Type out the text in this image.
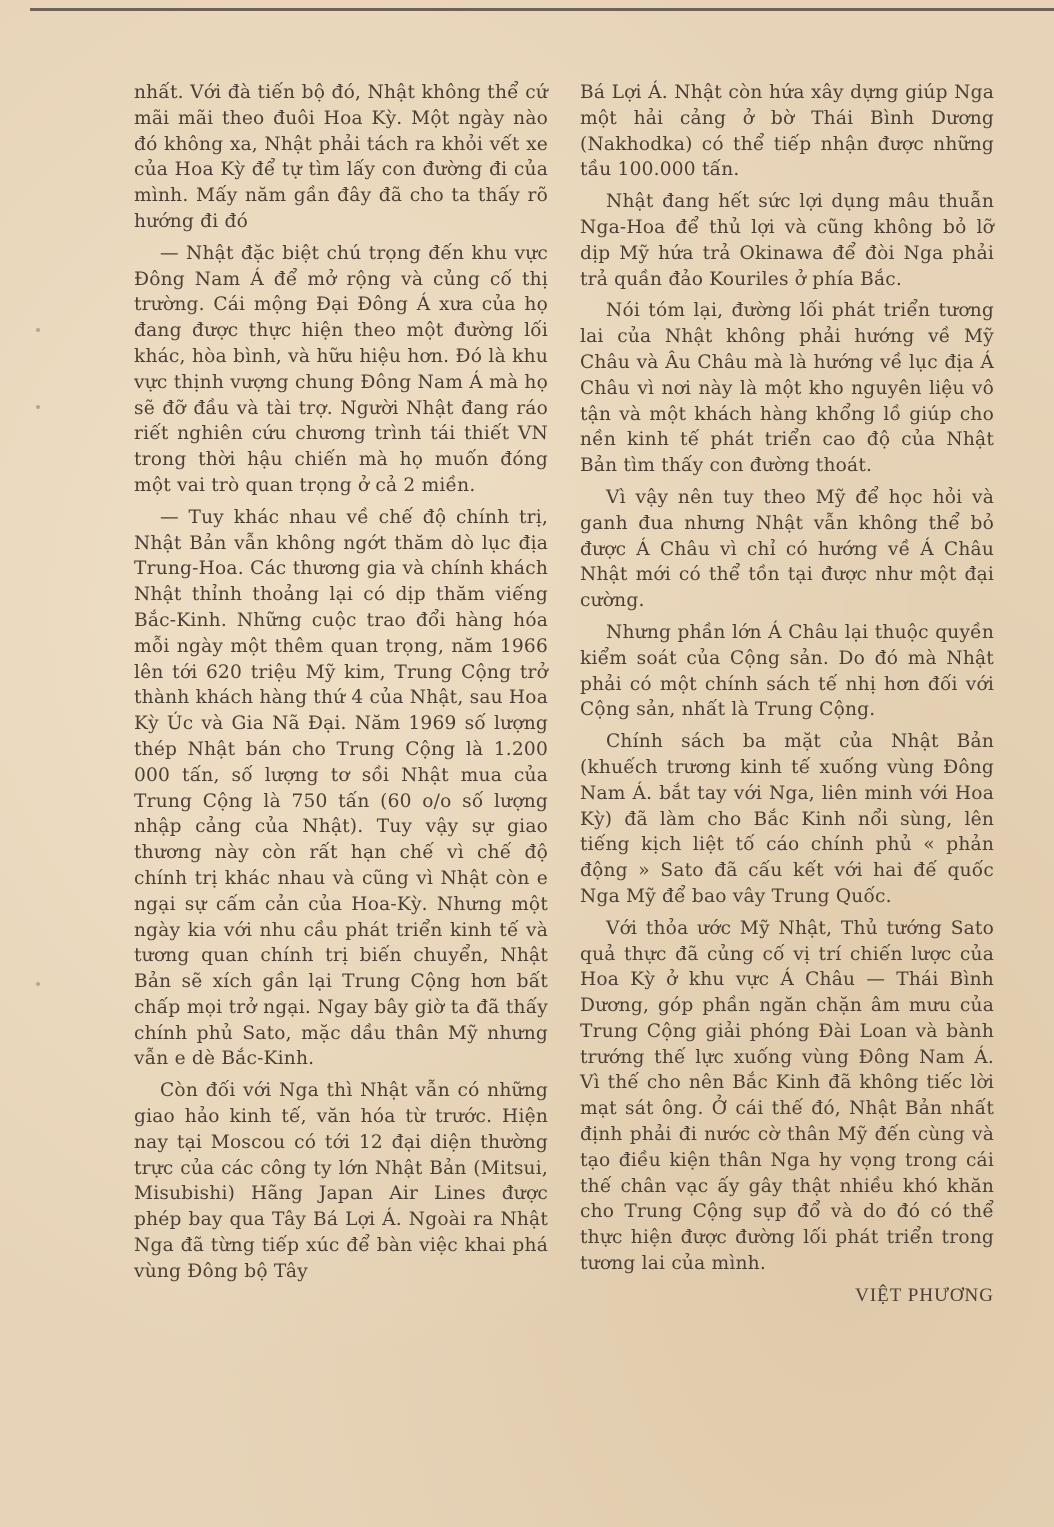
nhất. Với đà tiến bộ đó, Nhật không thể cứ mãi mãi theo đuôi Hoa Kỳ. Một ngày nào đó không xa, Nhật phải tách ra khỏi vết xe của Hoa Kỳ để tự tìm lấy con đường đi của mình. Mấy năm gần đây đã cho ta thấy rõ hướng đi đó

— Nhật đặc biệt chú trọng đến khu vực Đông Nam Á để mở rộng và củng cố thị trường. Cái mộng Đại Đông Á xưa của họ đang được thực hiện theo một đường lối khác, hòa bình, và hữu hiệu hơn. Đó là khu vực thịnh vượng chung Đông Nam Á mà họ sẽ đỡ đầu và tài trợ. Người Nhật đang ráo riết nghiên cứu chương trình tái thiết VN trong thời hậu chiến mà họ muốn đóng một vai trò quan trọng ở cả 2 miền.

— Tuy khác nhau về chế độ chính trị, Nhật Bản vẫn không ngớt thăm dò lục địa Trung-Hoa. Các thương gia và chính khách Nhật thỉnh thoảng lại có dịp thăm viếng Bắc-Kinh. Những cuộc trao đổi hàng hóa mỗi ngày một thêm quan trọng, năm 1966 lên tới 620 triệu Mỹ kim, Trung Cộng trở thành khách hàng thứ 4 của Nhật, sau Hoa Kỳ Úc và Gia Nã Đại. Năm 1969 số lượng thép Nhật bán cho Trung Cộng là 1.200 000 tấn, số lượng tơ sồi Nhật mua của Trung Cộng là 750 tấn (60 o/o số lượng nhập cảng của Nhật). Tuy vậy sự giao thương này còn rất hạn chế vì chế độ chính trị khác nhau và cũng vì Nhật còn e ngại sự cấm cản của Hoa-Kỳ. Nhưng một ngày kia với nhu cầu phát triển kinh tế và tương quan chính trị biến chuyển, Nhật Bản sẽ xích gần lại Trung Cộng hơn bất chấp mọi trở ngại. Ngay bây giờ ta đã thấy chính phủ Sato, mặc dầu thân Mỹ nhưng vẫn e dè Bắc-Kinh.

Còn đối với Nga thì Nhật vẫn có những giao hảo kinh tế, văn hóa từ trước. Hiện nay tại Moscou có tới 12 đại diện thường trực của các công ty lớn Nhật Bản (Mitsui, Misubishi) Hãng Japan Air Lines được phép bay qua Tây Bá Lợi Á. Ngoài ra Nhật Nga đã từng tiếp xúc để bàn việc khai phá vùng Đông bộ Tây

Bá Lợi Á. Nhật còn hứa xây dựng giúp Nga một hải cảng ở bờ Thái Bình Dương (Nakhodka) có thể tiếp nhận được những tầu 100.000 tấn.

Nhật đang hết sức lợi dụng mâu thuẫn Nga-Hoa để thủ lợi và cũng không bỏ lỡ dịp Mỹ hứa trả Okinawa để đòi Nga phải trả quần đảo Kouriles ở phía Bắc.

Nói tóm lại, đường lối phát triển tương lai của Nhật không phải hướng về Mỹ Châu và Âu Châu mà là hướng về lục địa Á Châu vì nơi này là một kho nguyên liệu vô tận và một khách hàng khổng lồ giúp cho nền kinh tế phát triển cao độ của Nhật Bản tìm thấy con đường thoát.

Vì vậy nên tuy theo Mỹ để học hỏi và ganh đua nhưng Nhật vẫn không thể bỏ được Á Châu vì chỉ có hướng về Á Châu Nhật mới có thể tồn tại được như một đại cường.

Nhưng phần lớn Á Châu lại thuộc quyền kiểm soát của Cộng sản. Do đó mà Nhật phải có một chính sách tế nhị hơn đối với Cộng sản, nhất là Trung Cộng.

Chính sách ba mặt của Nhật Bản (khuếch trương kinh tế xuống vùng Đông Nam Á. bắt tay với Nga, liên minh với Hoa Kỳ) đã làm cho Bắc Kinh nổi sùng, lên tiếng kịch liệt tố cáo chính phủ « phản động » Sato đã cấu kết với hai đế quốc Nga Mỹ để bao vây Trung Quốc.

Với thỏa ước Mỹ Nhật, Thủ tướng Sato quả thực đã củng cố vị trí chiến lược của Hoa Kỳ ở khu vực Á Châu — Thái Bình Dương, góp phần ngăn chặn âm mưu của Trung Cộng giải phóng Đài Loan và bành trướng thế lực xuống vùng Đông Nam Á. Vì thế cho nên Bắc Kinh đã không tiếc lời mạt sát ông. Ở cái thế đó, Nhật Bản nhất định phải đi nước cờ thân Mỹ đến cùng và tạo điều kiện thân Nga hy vọng trong cái thế chân vạc ấy gây thật nhiều khó khăn cho Trung Cộng sụp đổ và do đó có thể thực hiện được đường lối phát triển trong tương lai của mình.

VIỆT PHƯƠNG
